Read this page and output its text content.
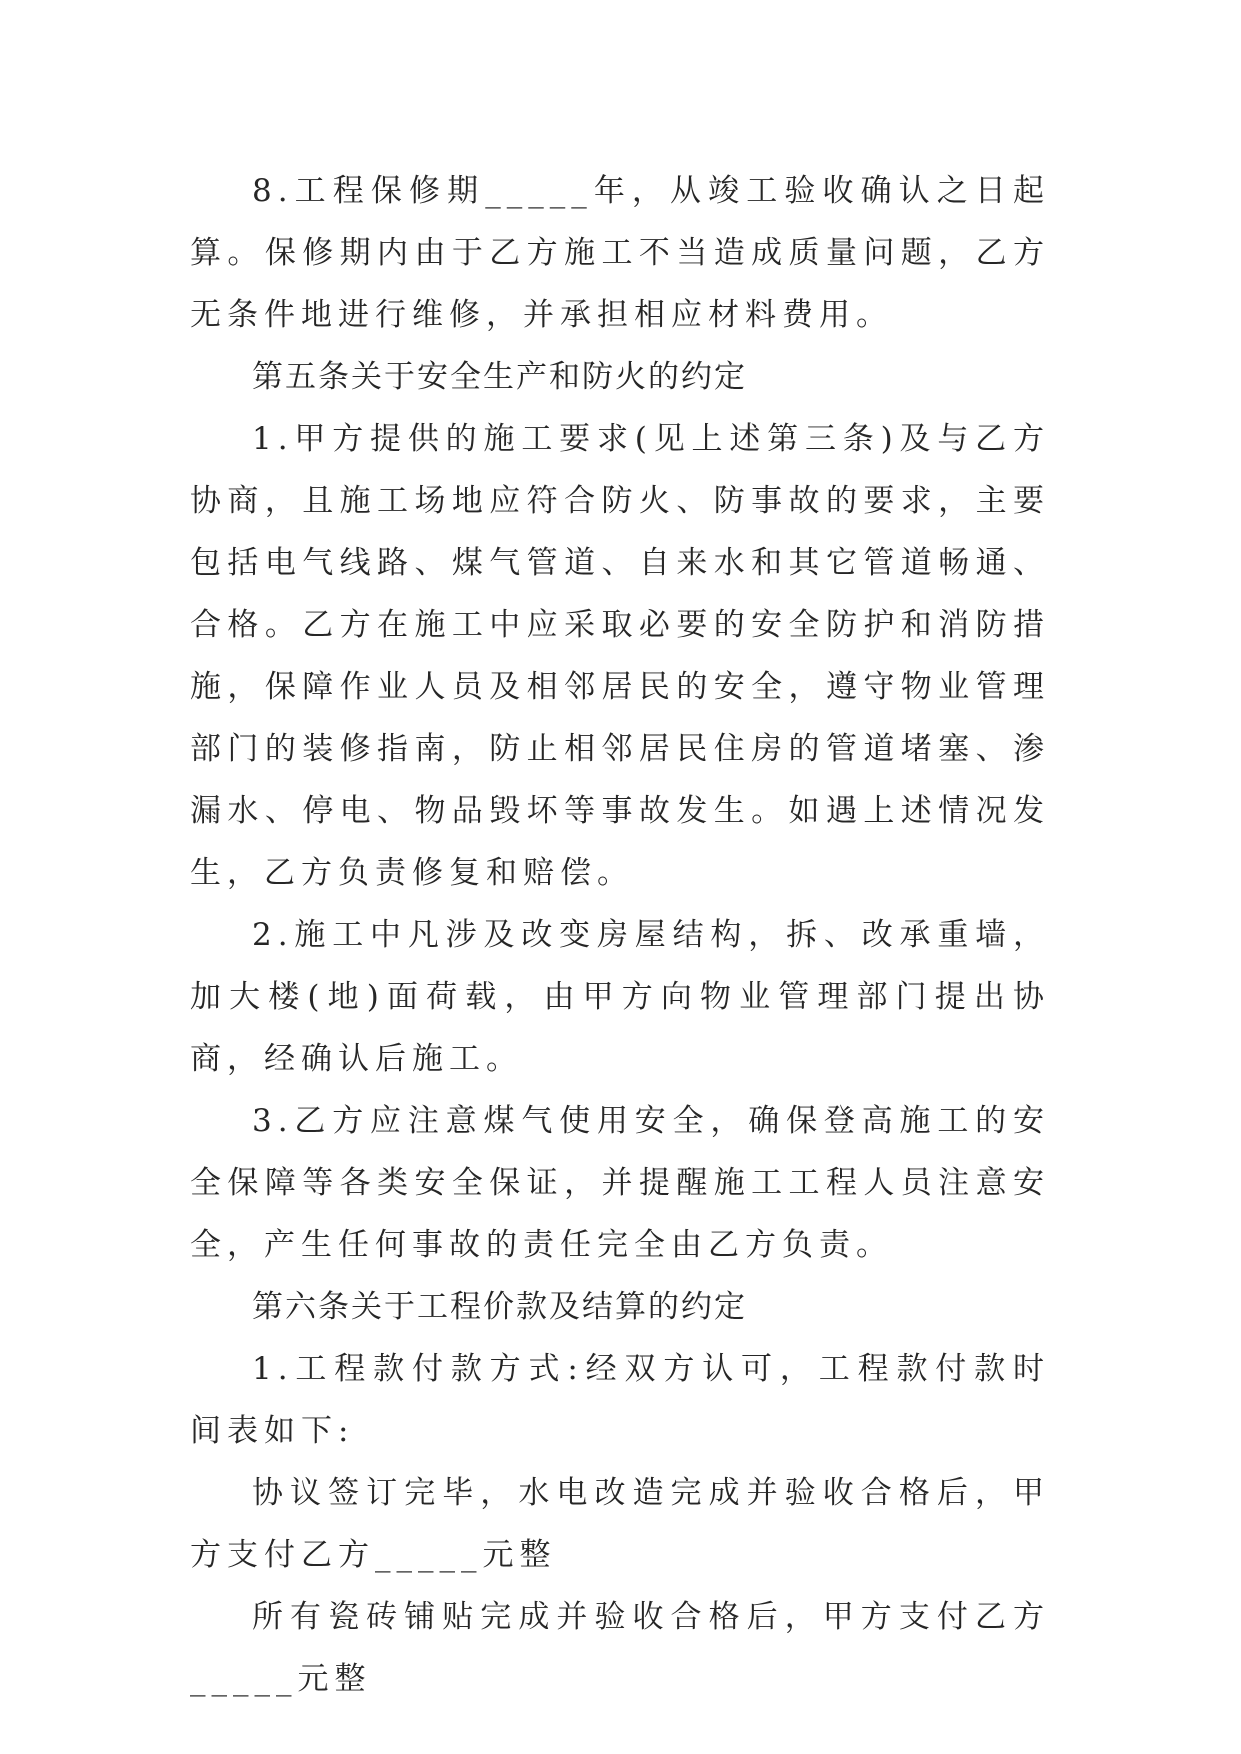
8.工程保修期_____年，从竣工验收确认之日起算。保修期内由于乙方施工不当造成质量问题，乙方无条件地进行维修，并承担相应材料费用。

第五条关于安全生产和防火的约定

1.甲方提供的施工要求(见上述第三条)及与乙方协商，且施工场地应符合防火、防事故的要求，主要包括电气线路、煤气管道、自来水和其它管道畅通、合格。乙方在施工中应采取必要的安全防护和消防措施，保障作业人员及相邻居民的安全，遵守物业管理部门的装修指南，防止相邻居民住房的管道堵塞、渗漏水、停电、物品毁坏等事故发生。如遇上述情况发生，乙方负责修复和赔偿。

2.施工中凡涉及改变房屋结构，拆、改承重墙，加大楼(地)面荷载，由甲方向物业管理部门提出协商，经确认后施工。

3.乙方应注意煤气使用安全，确保登高施工的安全保障等各类安全保证，并提醒施工工程人员注意安全，产生任何事故的责任完全由乙方负责。

第六条关于工程价款及结算的约定

1.工程款付款方式:经双方认可，工程款付款时间表如下:

协议签订完毕，水电改造完成并验收合格后，甲方支付乙方_____元整

所有瓷砖铺贴完成并验收合格后，甲方支付乙方_____元整
